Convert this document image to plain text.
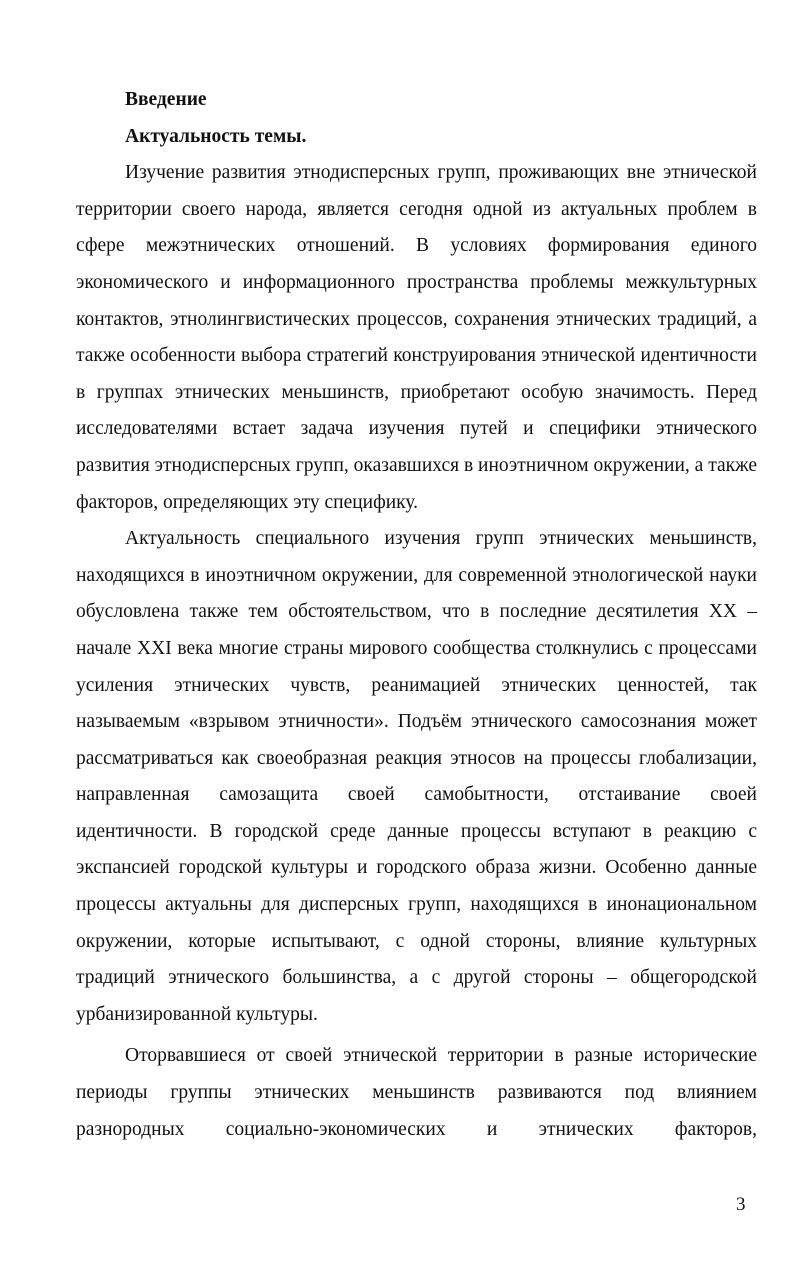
Введение

Актуальность темы.

Изучение развития этнодисперсных групп, проживающих вне этнической территории своего народа, является сегодня одной из актуальных проблем в сфере межэтнических отношений. В условиях формирования единого экономического и информационного пространства проблемы межкультурных контактов, этнолингвистических процессов, сохранения этнических традиций, а также особенности выбора стратегий конструирования этнической идентичности в группах этнических меньшинств, приобретают особую значимость. Перед исследователями встает задача изучения путей и специфики этнического развития этнодисперсных групп, оказавшихся в иноэтничном окружении, а также факторов, определяющих эту специфику.

Актуальность специального изучения групп этнических меньшинств, находящихся в иноэтничном окружении, для современной этнологической науки обусловлена также тем обстоятельством, что в последние десятилетия XX – начале XXI века многие страны мирового сообщества столкнулись с процессами усиления этнических чувств, реанимацией этнических ценностей, так называемым «взрывом этничности». Подъём этнического самосознания может рассматриваться как своеобразная реакция этносов на процессы глобализации, направленная самозащита своей самобытности, отстаивание своей идентичности. В городской среде данные процессы вступают в реакцию с экспансией городской культуры и городского образа жизни. Особенно данные процессы актуальны для дисперсных групп, находящихся в инонациональном окружении, которые испытывают, с одной стороны, влияние культурных традиций этнического большинства, а с другой стороны – общегородской урбанизированной культуры.

Оторвавшиеся от своей этнической территории в разные исторические периоды группы этнических меньшинств развиваются под влиянием разнородных социально-экономических и этнических факторов,

3
